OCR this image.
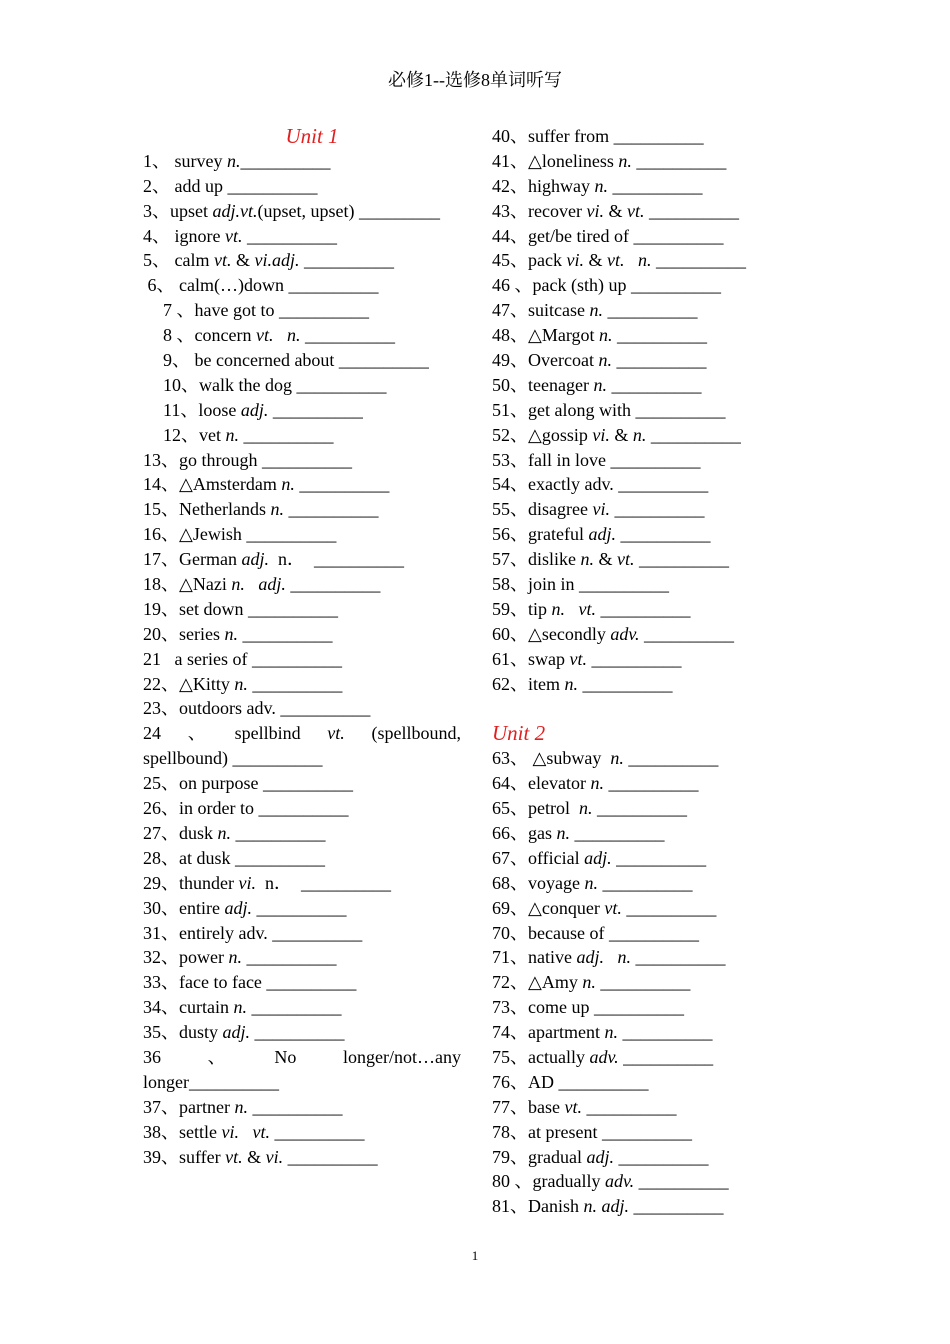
必修1--选修8单词听写
Unit 1
1、 survey n.__________
2、 add up __________
3、upset adj.vt.(upset, upset) _________
4、 ignore vt. __________
5、 calm vt. & vi.adj. __________
6、 calm(…)down __________
7 、have got to __________
8 、concern vt. n. __________
9、 be concerned about __________
10、walk the dog __________
11、loose adj. __________
12、vet n. __________
13、go through __________
14、△Amsterdam n. __________
15、Netherlands n. __________
16、△Jewish __________
17、German adj.  n．  __________
18、△Nazi n. adj. __________
19、set down __________
20、series n. __________
21   a series of __________
22、△Kitty n. __________
23、outdoors adv. __________
24    、    spellbind    vt.    (spellbound,
spellbound) __________
25、on purpose __________
26、in order to __________
27、dusk n. __________
28、at dusk __________
29、thunder vi.  n．  __________
30、entire adj. __________
31、entirely adv. __________
32、power n. __________
33、face to face __________
34、curtain n. __________
35、dusty adj. __________
36       、       No       longer/not…any
longer__________
37、partner n. __________
38、settle vi. vt. __________
39、suffer vt. & vi. __________
40、suffer from __________
41、△loneliness n. __________
42、highway n. __________
43、recover vi. & vt. __________
44、get/be tired of __________
45、pack vi. & vt. n. __________
46 、pack (sth) up __________
47、suitcase n. __________
48、△Margot n. __________
49、Overcoat n. __________
50、teenager n. __________
51、get along with __________
52、△gossip vi. & n. __________
53、fall in love __________
54、exactly adv. __________
55、disagree vi. __________
56、grateful adj. __________
57、dislike n. & vt. __________
58、join in __________
59、tip n. vt. __________
60、△secondly adv. __________
61、swap vt. __________
62、item n. __________
Unit 2
63、 △subway  n. __________
64、elevator n. __________
65、petrol  n. __________
66、gas n. __________
67、official adj. __________
68、voyage n. __________
69、△conquer vt. __________
70、because of __________
71、native adj. n. __________
72、△Amy n. __________
73、come up __________
74、apartment n. __________
75、actually adv. __________
76、AD __________
77、base vt. __________
78、at present __________
79、gradual adj. __________
80 、gradually adv. __________
81、Danish n. adj. __________
1
